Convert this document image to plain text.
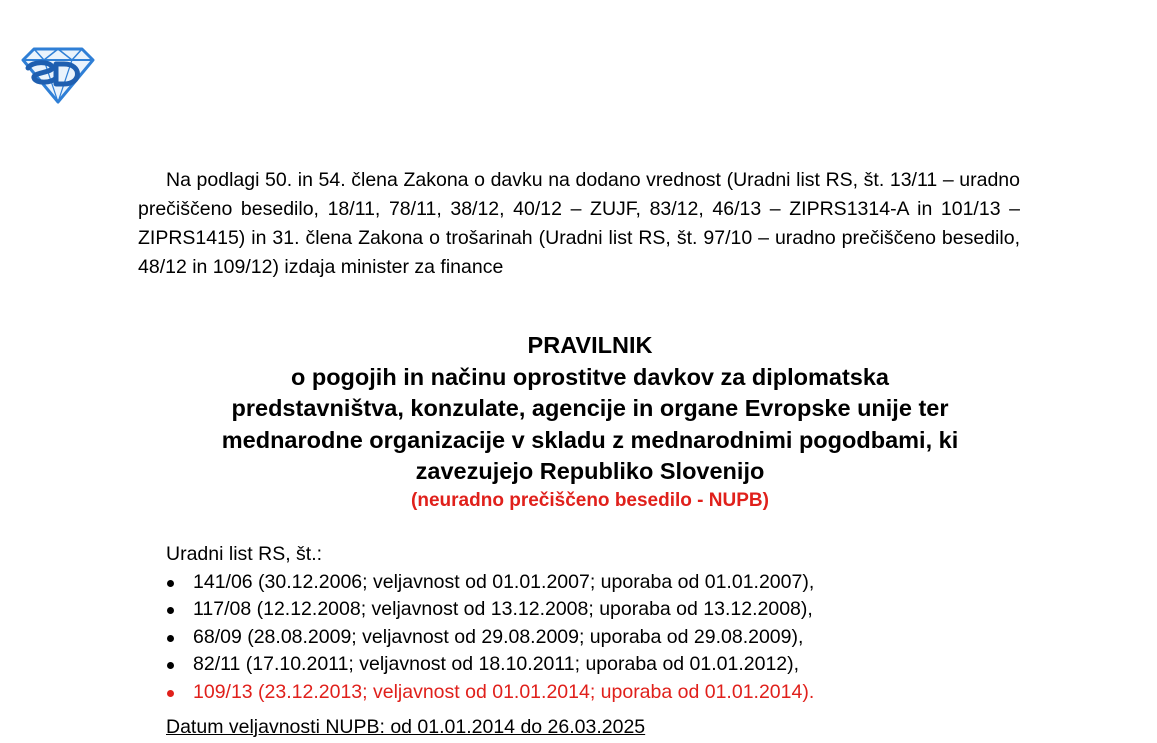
Na podlagi 50. in 54. člena Zakona o davku na dodano vrednost (Uradni list RS, št. 13/11 – uradno prečiščeno besedilo, 18/11, 78/11, 38/12, 40/12 – ZUJF, 83/12, 46/13 – ZIPRS1314-A in 101/13 – ZIPRS1415) in 31. člena Zakona o trošarinah (Uradni list RS, št. 97/10 – uradno prečiščeno besedilo, 48/12 in 109/12) izdaja minister za finance

PRAVILNIK
o pogojih in načinu oprostitve davkov za diplomatska
predstavništva, konzulate, agencije in organe Evropske unije ter
mednarodne organizacije v skladu z mednarodnimi pogodbami, ki
zavezujejo Republiko Slovenijo
(neuradno prečiščeno besedilo - NUPB)
Uradni list RS, št.:
141/06 (30.12.2006; veljavnost od 01.01.2007; uporaba od 01.01.2007),
117/08 (12.12.2008; veljavnost od 13.12.2008; uporaba od 13.12.2008),
68/09 (28.08.2009; veljavnost od 29.08.2009; uporaba od 29.08.2009),
82/11 (17.10.2011; veljavnost od 18.10.2011; uporaba od 01.01.2012),
109/13 (23.12.2013; veljavnost od 01.01.2014; uporaba od 01.01.2014).
Datum veljavnosti NUPB: od 01.01.2014 do 26.03.2025
